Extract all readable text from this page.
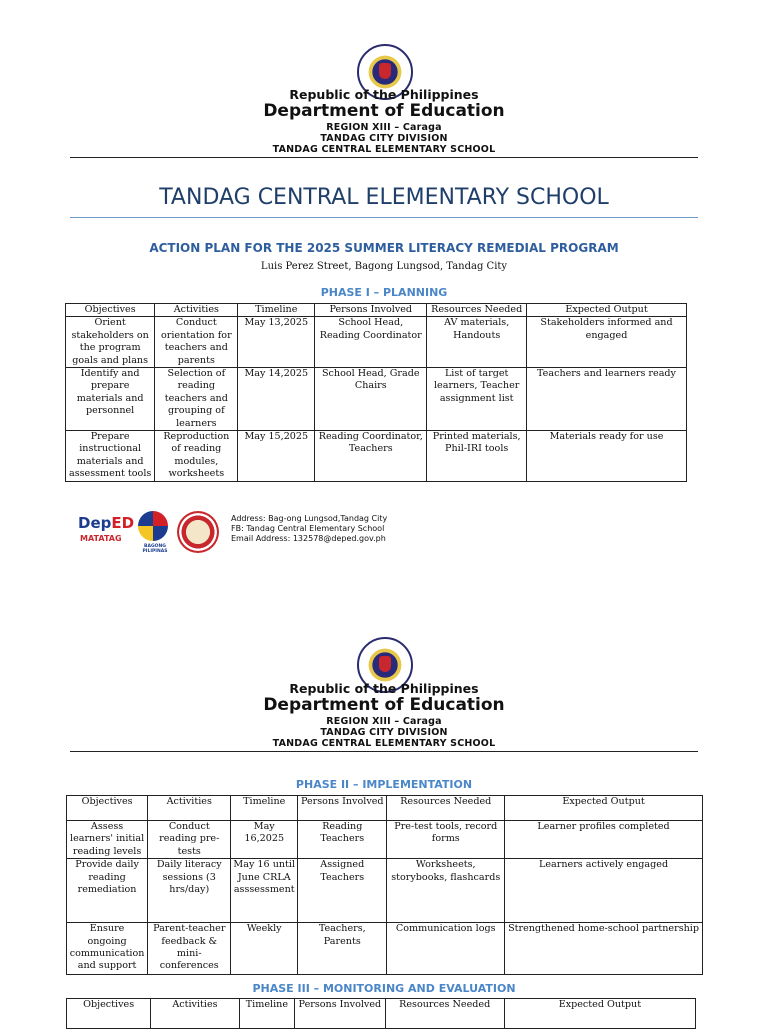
Republic of the Philippines
Department of Education
REGION XIII – Caraga
TANDAG CITY DIVISION
TANDAG CENTRAL ELEMENTARY SCHOOL
TANDAG CENTRAL ELEMENTARY SCHOOL
ACTION PLAN FOR THE 2025 SUMMER LITERACY REMEDIAL PROGRAM
Luis Perez Street, Bagong Lungsod, Tandag City
PHASE I – PLANNING
Objectives	Activities	Timeline	Persons Involved	Resources Needed	Expected Output
Orient stakeholders on the program goals and plans	Conduct orientation for teachers and parents	May 13,2025	School Head, Reading Coordinator	AV materials, Handouts	Stakeholders informed and engaged
Identify and prepare materials and personnel	Selection of reading teachers and grouping of learners	May 14,2025	School Head, Grade Chairs	List of target learners, Teacher assignment list	Teachers and learners ready
Prepare instructional materials and assessment tools	Reproduction of reading modules, worksheets	May 15,2025	Reading Coordinator, Teachers	Printed materials, Phil-IRI tools	Materials ready for use
DepED
MATATAG
BAGONG PILIPINAS
Address: Bag-ong Lungsod,Tandag City
FB: Tandag Central Elementary School
Email Address: 132578@deped.gov.ph
Republic of the Philippines
Department of Education
REGION XIII – Caraga
TANDAG CITY DIVISION
TANDAG CENTRAL ELEMENTARY SCHOOL
PHASE II – IMPLEMENTATION
Objectives	Activities	Timeline	Persons Involved	Resources Needed	Expected Output
Assess learners' initial reading levels	Conduct reading pre-tests	May 16,2025	Reading Teachers	Pre-test tools, record forms	Learner profiles completed
Provide daily reading remediation	Daily literacy sessions (3 hrs/day)	May 16 until June CRLA asssessment	Assigned Teachers	Worksheets, storybooks, flashcards	Learners actively engaged
Ensure ongoing communication and support	Parent-teacher feedback & mini-conferences	Weekly	Teachers, Parents	Communication logs	Strengthened home-school partnership
PHASE III – MONITORING AND EVALUATION
Objectives	Activities	Timeline	Persons Involved	Resources Needed	Expected Output
